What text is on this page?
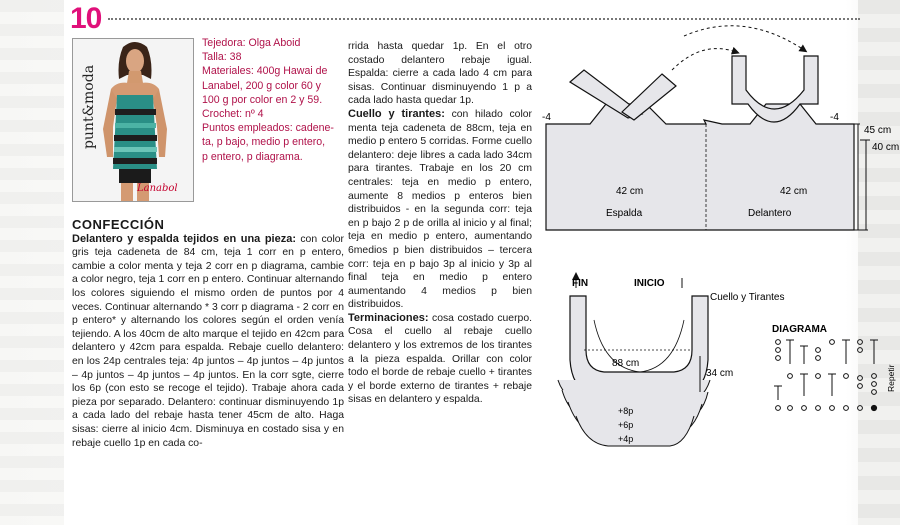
10
punt&moda
Lanabol
Tejedora: Olga Aboid
Talla: 38
Materiales: 400g Hawai de
Lanabel, 200 g color 60 y
100 g por color en 2 y 59.
Crochet: nº 4
Puntos empleados: cadene-
ta, p bajo, medio p entero,
p entero, p diagrama.
CONFECCIÓN

Delantero y espalda tejidos en una pieza: con color gris teja cadeneta de 84 cm, teja 1 corr en p entero, cambie a color menta y teja 2 corr en p diagrama, cambie a color negro, teja 1 corr en p entero. Continuar alternando los colores siguiendo el mismo orden de puntos por 4 veces. Continuar alternando * 3 corr p diagrama - 2 corr en p entero* y alternando los colores según el orden venía tejiendo. A los 40cm de alto marque el tejido en 42cm para delantero y 42cm para espalda. Rebaje cuello delantero: en los 24p centrales teja: 4p juntos – 4p juntos – 4p juntos – 4p juntos – 4p juntos – 4p juntos. En la corr sgte, cierre los 6p (con esto se recoge el tejido). Trabaje ahora cada pieza por separado. Delantero: continuar disminuyendo 1p a cada lado del rebaje hasta tener 45cm de alto. Haga sisas: cierre al inicio 4cm. Disminuya en costado sisa y en rebaje cuello 1p en cada co-

rrida hasta quedar 1p. En el otro costado delantero rebaje igual. Espalda: cierre a cada lado 4 cm para sisas. Continuar disminuyendo 1 p a cada lado hasta quedar 1p.

Cuello y tirantes: con hilado color menta teja cadeneta de 88cm, teja en medio p entero 5 corridas. Forme cuello delantero: deje libres a cada lado 34cm para tirantes. Trabaje en los 20 cm centrales: teja en medio p entero, aumente 8 medios p enteros bien distribuidos - en la segunda corr: teja en p bajo 2 p de orilla al inicio y al final; teja en medio p entero, aumentando 6medios p bien distribuidos – tercera corr: teja en p bajo 3p al inicio y 3p al final teja en medio p entero aumentando 4 medios p bien distribuidos.

Terminaciones: cosa costado cuerpo. Cosa el cuello al rebaje cuello delantero y los extremos de los tirantes a la pieza espalda. Orillar con color todo el borde de rebaje cuello + tirantes y el borde externo de tirantes + rebaje sisas en delantero y espalda.

-4	-4
45 cm
40 cm
42 cm
Espalda
42 cm
Delantero
FIN	INICIO
Cuello y Tirantes
88 cm
34 cm
+8p
+6p
+4p
DIAGRAMA
Repetir
